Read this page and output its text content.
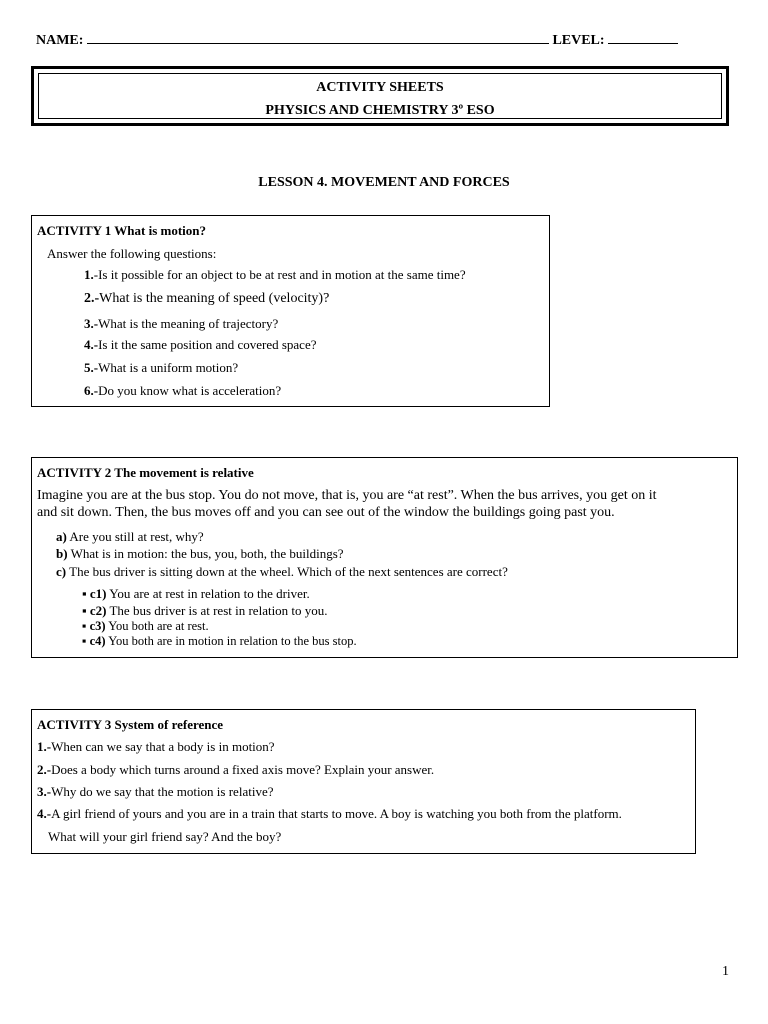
NAME:	LEVEL:
ACTIVITY SHEETS
PHYSICS AND CHEMISTRY 3º ESO
LESSON 4. MOVEMENT AND FORCES
ACTIVITY 1 What is motion?
Answer the following questions:
1.-Is it possible for an object to be at rest and in motion at the same time?
2.-What is the meaning of speed (velocity)?
3.-What is the meaning of trajectory?
4.-Is it the same position and covered space?
5.-What is a uniform motion?
6.-Do you know what is acceleration?
ACTIVITY 2 The movement is relative
Imagine you are at the bus stop. You do not move, that is, you are “at rest”. When the bus arrives, you get on it
and sit down. Then, the bus moves off and you can see out of the window the buildings going past you.
a) Are you still at rest, why?
b) What is in motion: the bus, you, both, the buildings?
c) The bus driver is sitting down at the wheel. Which of the next sentences are correct?
▪ c1) You are at rest in relation to the driver.
▪ c2) The bus driver is at rest in relation to you.
▪ c3) You both are at rest.
▪ c4) You both are in motion in relation to the bus stop.
ACTIVITY 3 System of reference
1.-When can we say that a body is in motion?
2.-Does a body which turns around a fixed axis move? Explain your answer.
3.-Why do we say that the motion is relative?
4.-A girl friend of yours and you are in a train that starts to move. A boy is watching you both from the platform.
What will your girl friend say? And the boy?
1
